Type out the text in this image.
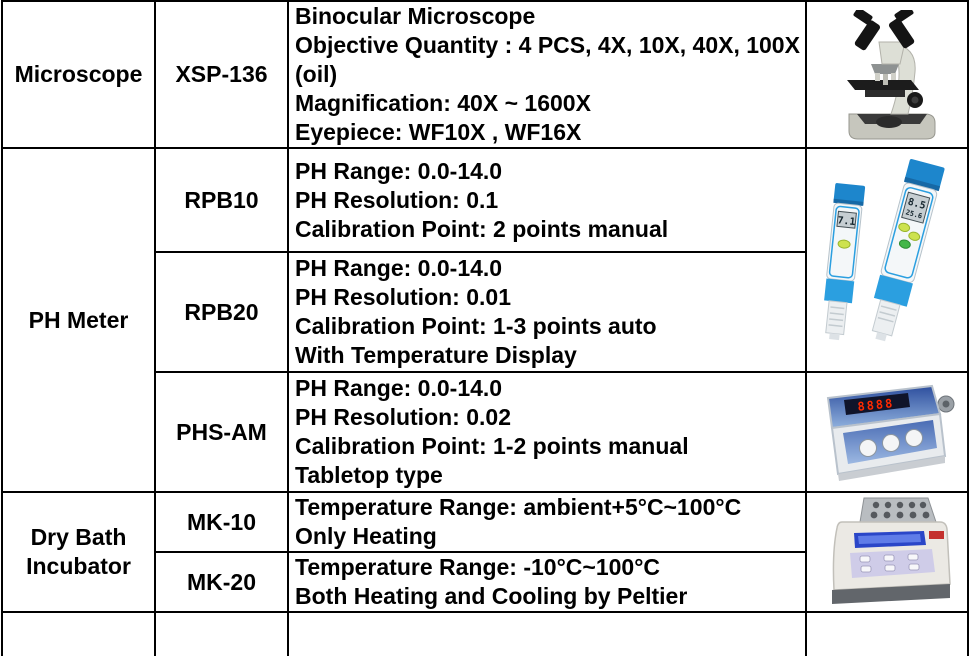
Microscope	XSP-136	Binocular Microscope
Objective Quantity : 4 PCS, 4X, 10X, 40X, 100X
(oil)
Magnification: 40X ~ 1600X
Eyepiece: WF10X , WF16X

PH Meter	RPB10	
PH Range: 0.0-14.0
PH Resolution: 0.1
Calibration Point: 2 points manual	7.1
8.5
25.6

	RPB20	PH Range: 0.0-14.0
PH Resolution: 0.01
Calibration Point: 1-3 points auto
With Temperature Display	

	PHS-AM	PH Range: 0.0-14.0
PH Resolution: 0.02
Calibration Point: 1-2 points manual
Tabletop type	8888

Dry Bath Incubator	MK-10	Temperature Range: ambient+5°C~100°C
Only Heating

	MK-20	Temperature Range: -10°C~100°C
Both Heating and Cooling by Peltier	
